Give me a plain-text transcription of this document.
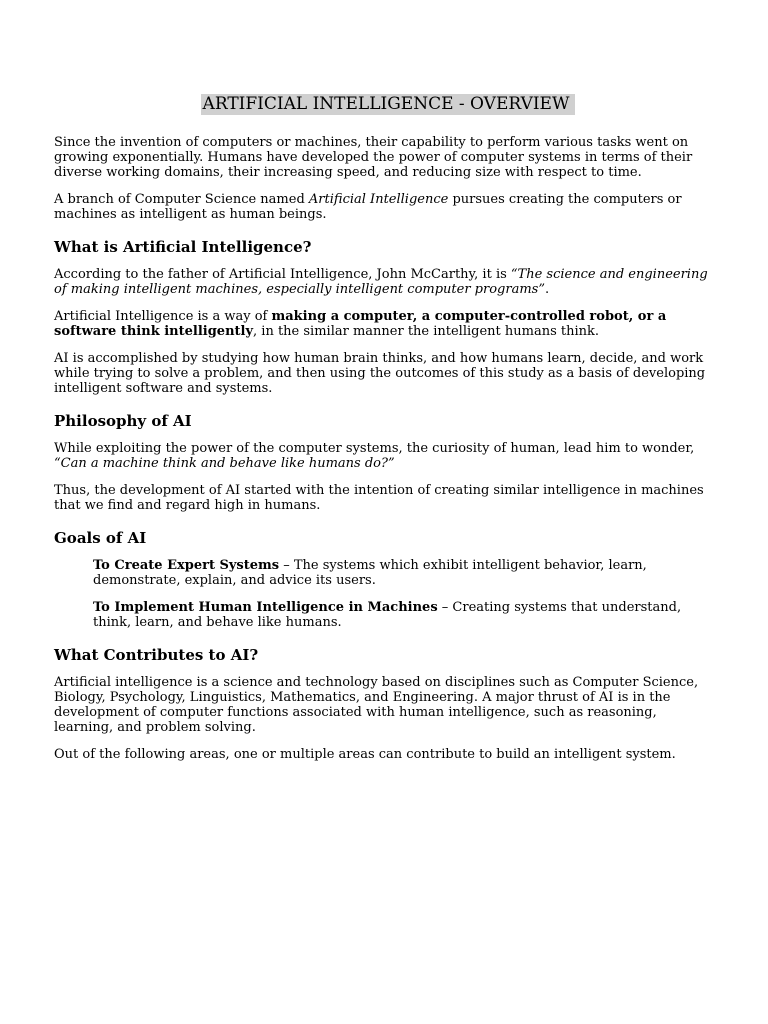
ARTIFICIAL INTELLIGENCE - OVERVIEW

Since the invention of computers or machines, their capability to perform various tasks went on growing exponentially. Humans have developed the power of computer systems in terms of their diverse working domains, their increasing speed, and reducing size with respect to time.

A branch of Computer Science named Artificial Intelligence pursues creating the computers or machines as intelligent as human beings.

What is Artificial Intelligence?

According to the father of Artificial Intelligence, John McCarthy, it is “The science and engineering of making intelligent machines, especially intelligent computer programs”.

Artificial Intelligence is a way of making a computer, a computer-controlled robot, or a software think intelligently, in the similar manner the intelligent humans think.

AI is accomplished by studying how human brain thinks, and how humans learn, decide, and work while trying to solve a problem, and then using the outcomes of this study as a basis of developing intelligent software and systems.

Philosophy of AI

While exploiting the power of the computer systems, the curiosity of human, lead him to wonder, “Can a machine think and behave like humans do?”

Thus, the development of AI started with the intention of creating similar intelligence in machines that we find and regard high in humans.

Goals of AI

To Create Expert Systems – The systems which exhibit intelligent behavior, learn, demonstrate, explain, and advice its users.

To Implement Human Intelligence in Machines – Creating systems that understand, think, learn, and behave like humans.

What Contributes to AI?

Artificial intelligence is a science and technology based on disciplines such as Computer Science, Biology, Psychology, Linguistics, Mathematics, and Engineering. A major thrust of AI is in the development of computer functions associated with human intelligence, such as reasoning, learning, and problem solving.

Out of the following areas, one or multiple areas can contribute to build an intelligent system.
